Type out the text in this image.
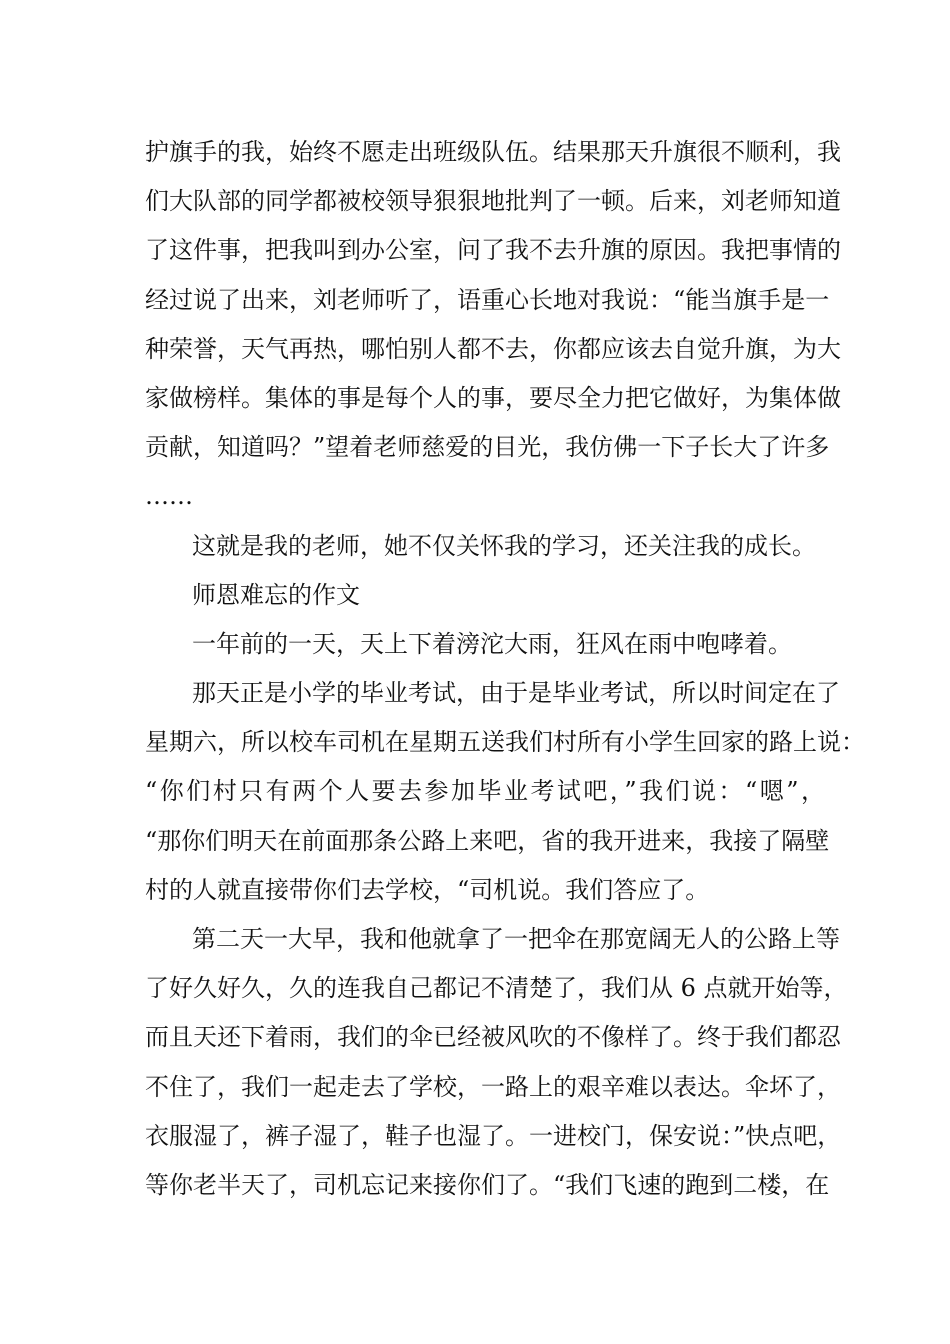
护旗手的我，始终不愿走出班级队伍。结果那天升旗很不顺利，我
们大队部的同学都被校领导狠狠地批判了一顿。后来，刘老师知道
了这件事，把我叫到办公室，问了我不去升旗的原因。我把事情的
经过说了出来，刘老师听了，语重心长地对我说：“能当旗手是一
种荣誉，天气再热，哪怕别人都不去，你都应该去自觉升旗，为大
家做榜样。集体的事是每个人的事，要尽全力把它做好，为集体做
贡献，知道吗？”望着老师慈爱的目光，我仿佛一下子长大了许多
……
这就是我的老师，她不仅关怀我的学习，还关注我的成长。
师恩难忘的作文
一年前的一天，天上下着滂沱大雨，狂风在雨中咆哮着。
那天正是小学的毕业考试，由于是毕业考试，所以时间定在了
星期六，所以校车司机在星期五送我们村所有小学生回家的路上说：
“你们村只有两个人要去参加毕业考试吧，”我们说：“嗯”，
“那你们明天在前面那条公路上来吧，省的我开进来，我接了隔壁
村的人就直接带你们去学校，“司机说。我们答应了。
第二天一大早，我和他就拿了一把伞在那宽阔无人的公路上等
了好久好久，久的连我自己都记不清楚了，我们从 6 点就开始等，
而且天还下着雨，我们的伞已经被风吹的不像样了。终于我们都忍
不住了，我们一起走去了学校，一路上的艰辛难以表达。伞坏了，
衣服湿了，裤子湿了，鞋子也湿了。一进校门，保安说：”快点吧，
等你老半天了，司机忘记来接你们了。“我们飞速的跑到二楼，在
